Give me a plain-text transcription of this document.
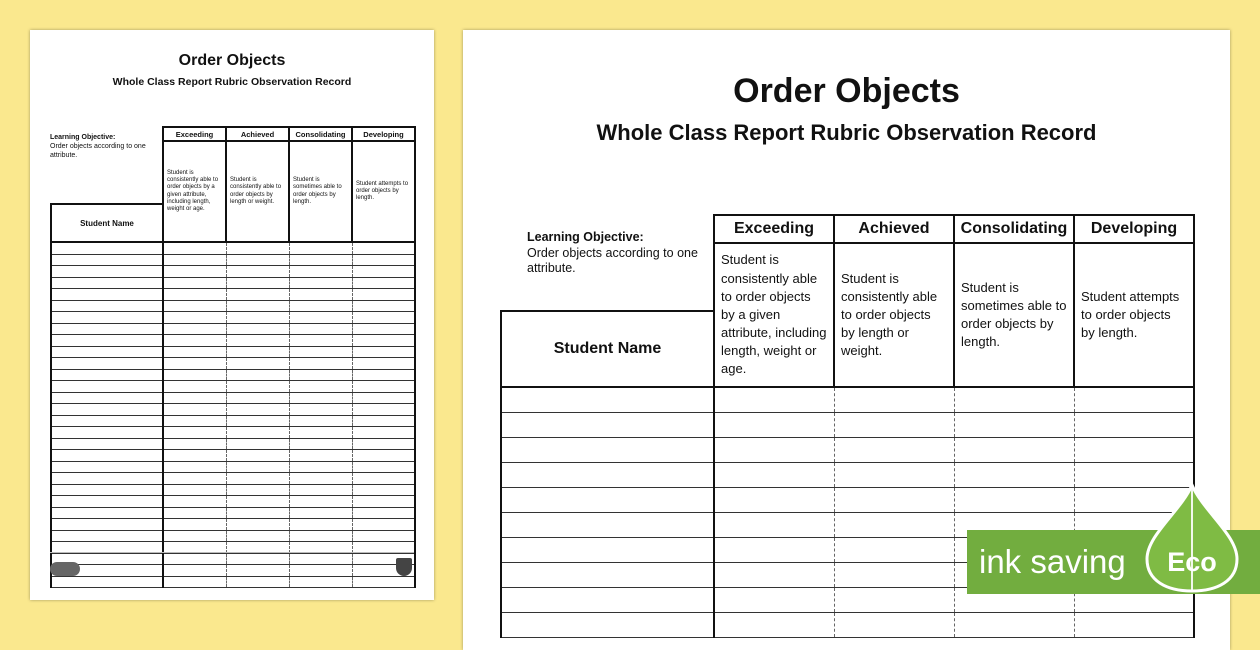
Order Objects
Whole Class Report Rubric Observation Record
Learning Objective:
Order objects according to one attribute.
	Exceeding	Achieved	Consolidating	Developing
	Student is consistently able to order objects by a given attribute, including length, weight or age.	Student is consistently able to order objects by length or weight.	Student is sometimes able to order objects by length.	Student attempts to order objects by length.
Student Name				

Order Objects
Whole Class Report Rubric Observation Record
Learning Objective:
Order objects according to one attribute.
	Exceeding	Achieved	Consolidating	Developing
	Student is consistently able to order objects by a given attribute, including length, weight or age.	Student is consistently able to order objects by length or weight.	Student is sometimes able to order objects by length.	Student attempts to order objects by length.
Student Name				

ink saving	Eco
